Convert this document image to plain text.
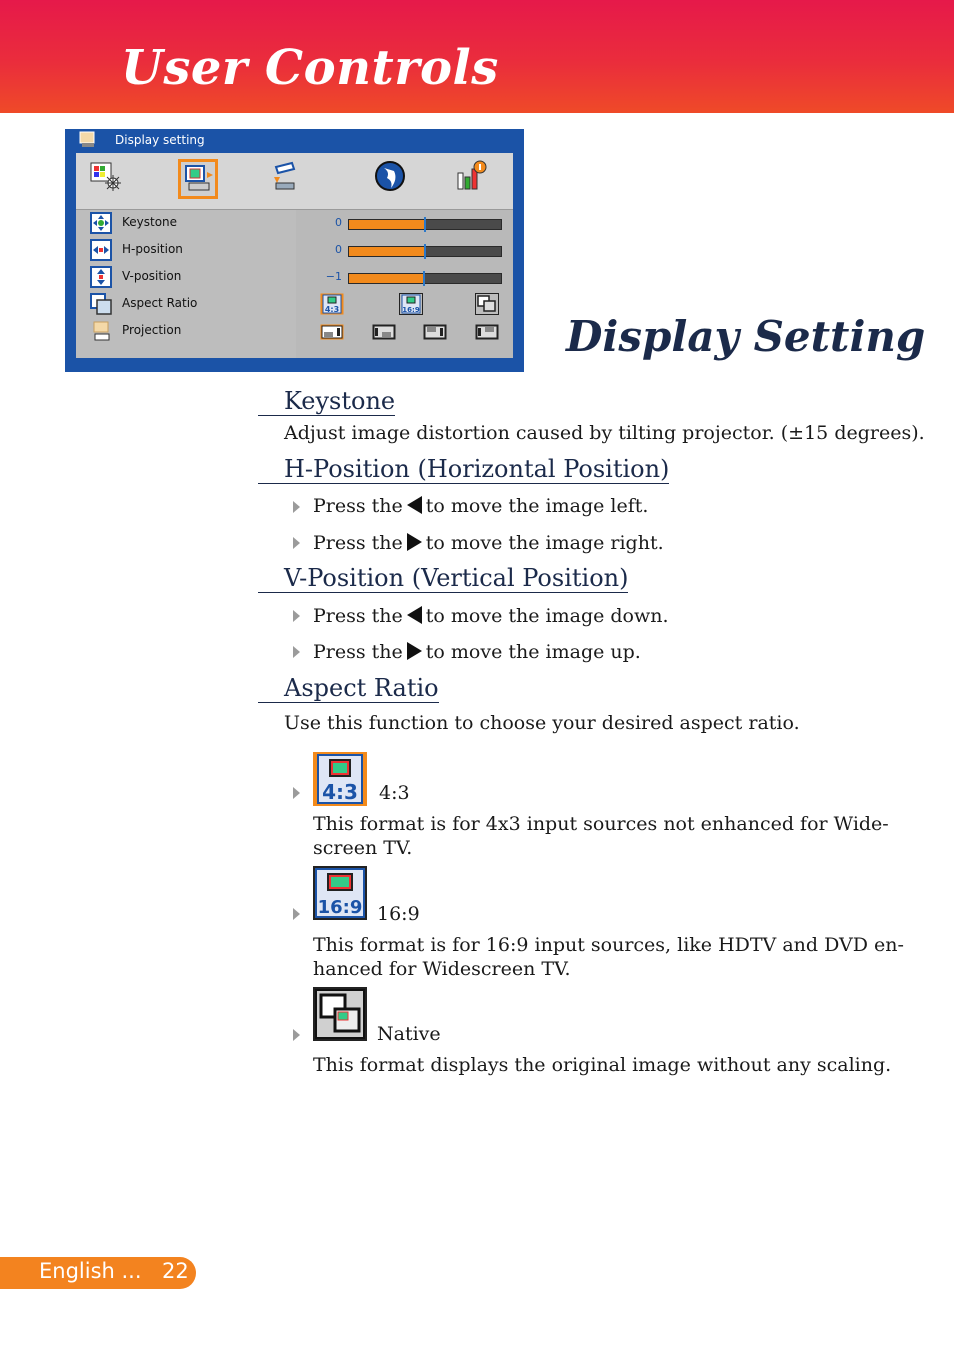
User Controls
Display setting
Keystone	0
H-position	0
V-position	−1
Aspect Ratio	4:3	16:9
Projection	Display Setting
Keystone
Adjust image distortion caused by tilting projector. (±15 degrees).
H-Position (Horizontal Position)
Press the to move the image left.
Press the to move the image right.
V-Position (Vertical Position)
Press the to move the image down.
Press the to move the image up.
Aspect Ratio
Use this function to choose your desired aspect ratio.
4:3 4:3
This format is for 4x3 input sources not enhanced for Wide-
screen TV.
16:9 16:9
This format is for 16:9 input sources, like HDTV and DVD en-
hanced for Widescreen TV.
Native
This format displays the original image without any scaling.
English ... 22
